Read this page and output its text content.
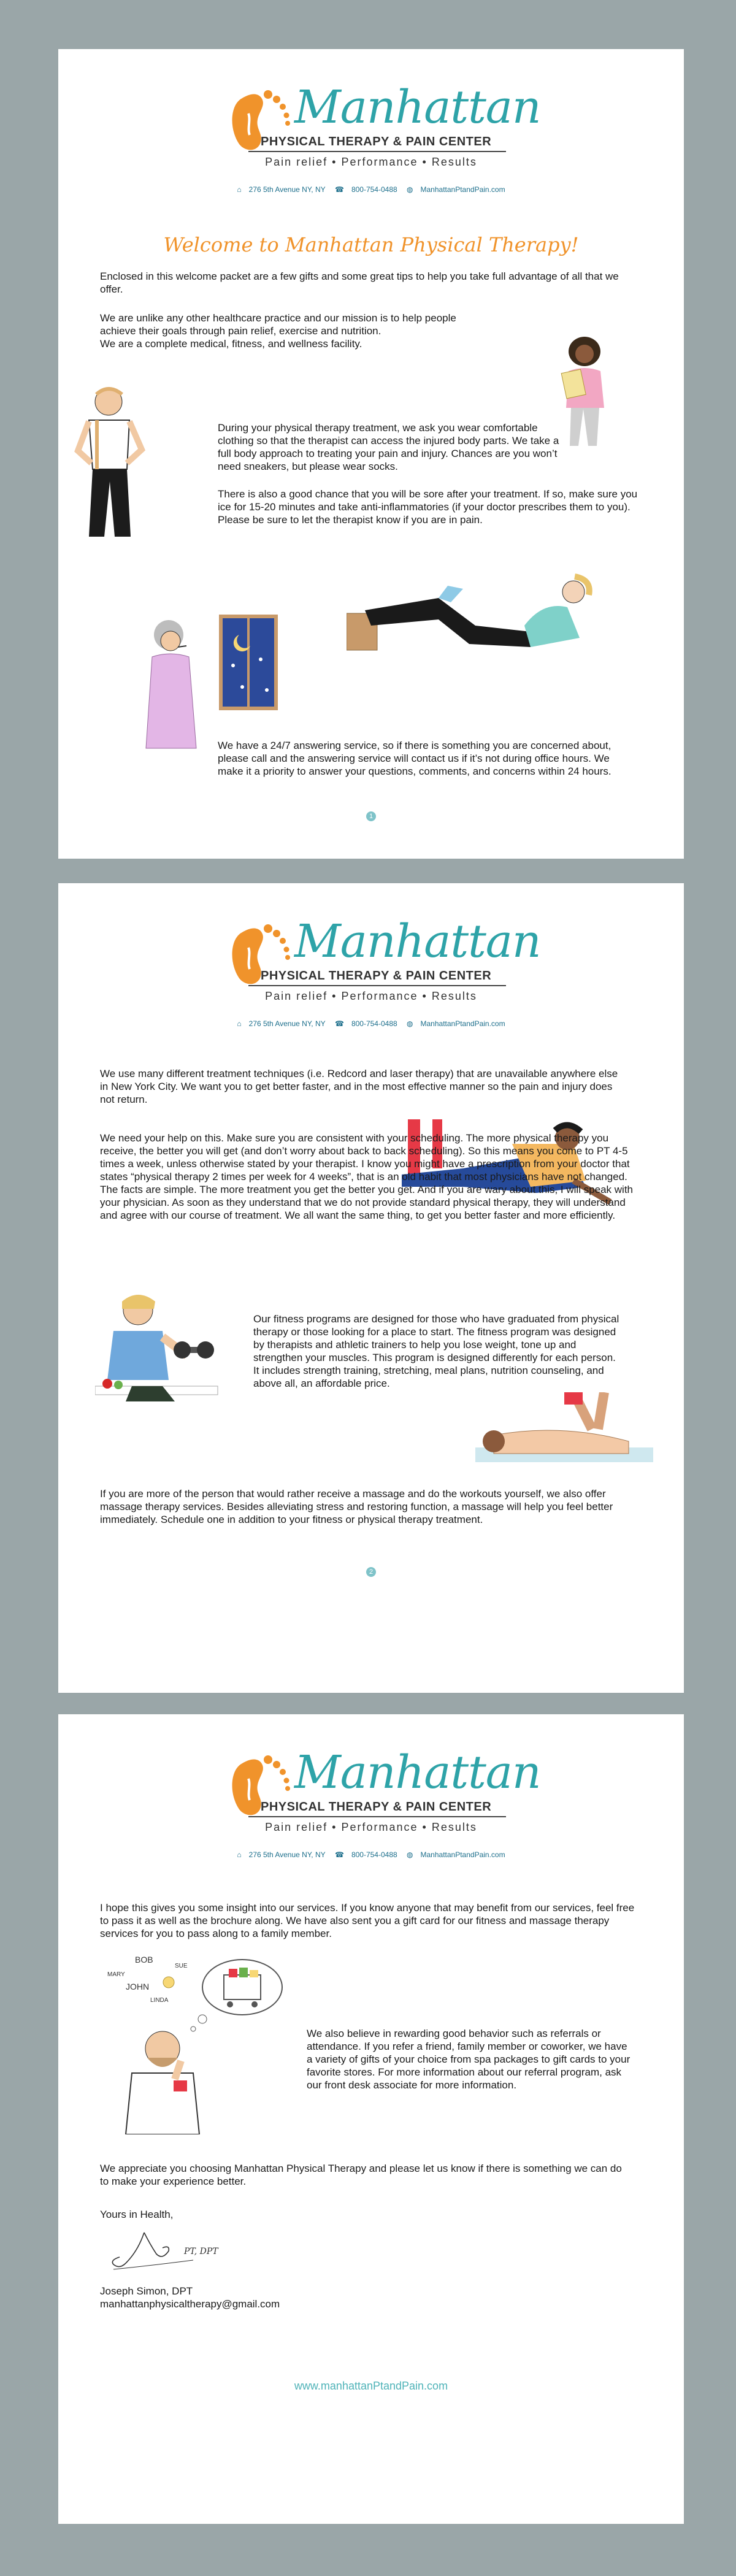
Manhattan
PHYSICAL THERAPY & PAIN CENTER
Pain relief • Performance • Results
⌂ 276 5th Avenue NY, NY ☎ 800-754-0488 ◍ ManhattanPtandPain.com
Welcome to Manhattan Physical Therapy!
Enclosed in this welcome packet are a few gifts and some great tips to help you take full advantage of all that we offer.

We are unlike any other healthcare practice and our mission is to help people achieve their goals through pain relief, exercise and nutrition.

We are a complete medical, fitness, and wellness facility.

During your physical therapy treatment, we ask you wear comfortable clothing so that the therapist can access the injured body parts. We take a full body approach to treating your pain and injury. Chances are you won’t need sneakers, but please wear socks.
There is also a good chance that you will be sore after your treatment. If so, make sure you ice for 15-20 minutes and take anti-inflammatories (if your doctor prescribes them to you). Please be sure to let the therapist know if you are in pain.
We have a 24/7 answering service, so if there is something you are concerned about, please call and the answering service will contact us if it’s not during office hours. We make it a priority to answer your questions, comments, and concerns within 24 hours.
1
Manhattan
PHYSICAL THERAPY & PAIN CENTER
Pain relief • Performance • Results
⌂ 276 5th Avenue NY, NY ☎ 800-754-0488 ◍ ManhattanPtandPain.com
We use many different treatment techniques (i.e. Redcord and laser therapy) that are unavailable anywhere else in New York City. We want you to get better faster, and in the most effective manner so the pain and injury does not return.

We need your help on this. Make sure you are consistent with your scheduling. The more physical therapy you receive, the better you will get (and don’t worry about back to back scheduling). So this means you come to PT 4-5 times a week, unless otherwise stated by your therapist. I know you might have a prescription from your doctor that states “physical therapy 2 times per week for 4 weeks”, that is an old habit that most physicians have not changed. The facts are simple. The more treatment you get the better you get. And if you are wary about this, I will speak with your physician. As soon as they understand that we do not provide standard physical therapy, they will understand and agree with our course of treatment. We all want the same thing, to get you better faster and more efficiently.

Our fitness programs are designed for those who have graduated from physical therapy or those looking for a place to start. The fitness program was designed by therapists and athletic trainers to help you lose weight, tone up and strengthen your muscles. This program is designed differently for each person. It includes strength training, stretching, meal plans, nutrition counseling, and above all, an affordable price.
If you are more of the person that would rather receive a massage and do the workouts yourself, we also offer massage therapy services. Besides alleviating stress and restoring function, a massage will help you feel better immediately. Schedule one in addition to your fitness or physical therapy treatment.
2
Manhattan
PHYSICAL THERAPY & PAIN CENTER
Pain relief • Performance • Results
⌂ 276 5th Avenue NY, NY ☎ 800-754-0488 ◍ ManhattanPtandPain.com
I hope this gives you some insight into our services. If you know anyone that may benefit from our services, feel free to pass it as well as the brochure along. We have also sent you a gift card for our fitness and massage therapy services for you to pass along to a family member.
BOB
SUE
MARY
JOHN
LINDA
We also believe in rewarding good behavior such as referrals or attendance. If you refer a friend, family member or coworker, we have a variety of gifts of your choice from spa packages to gift cards to your favorite stores. For more information about our referral program, ask our front desk associate for more information.
We appreciate you choosing Manhattan Physical Therapy and please let us know if there is something we can do to make your experience better.
Yours in Health,
PT, DPT

Joseph Simon, DPT

manhattanphysicaltherapy@gmail.com

www.manhattanPtandPain.com
